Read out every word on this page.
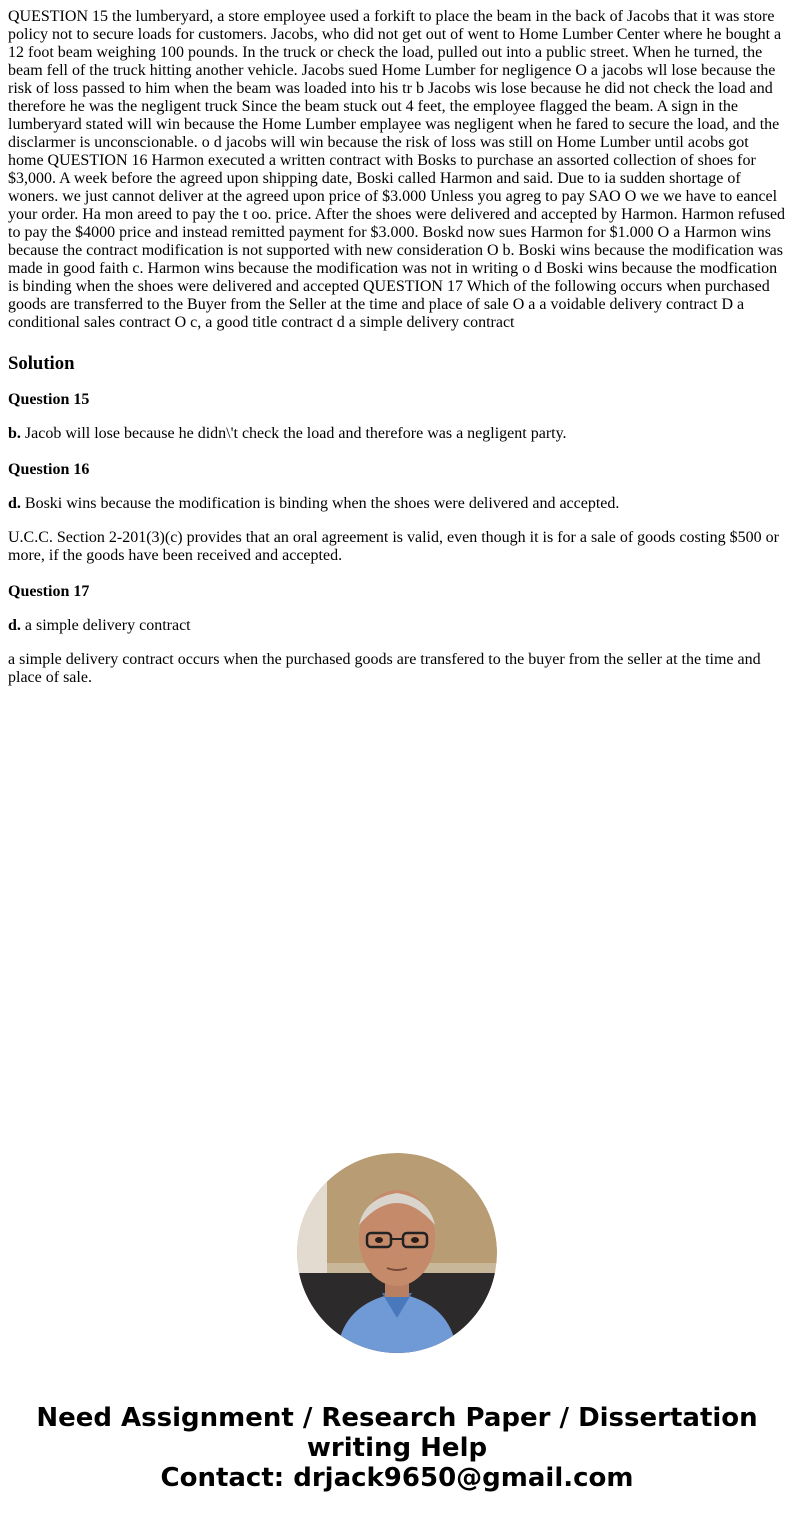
QUESTION 15 the lumberyard, a store employee used a forkift to place the beam in the back of Jacobs that it was store policy not to secure loads for customers. Jacobs, who did not get out of went to Home Lumber Center where he bought a 12 foot beam weighing 100 pounds. In the truck or check the load, pulled out into a public street. When he turned, the beam fell of the truck hitting another vehicle. Jacobs sued Home Lumber for negligence O a jacobs wll lose because the risk of loss passed to him when the beam was loaded into his tr b Jacobs wis lose because he did not check the load and therefore he was the negligent truck Since the beam stuck out 4 feet, the employee flagged the beam. A sign in the lumberyard stated will win because the Home Lumber emplayee was negligent when he fared to secure the load, and the disclarmer is unconscionable. o d jacobs will win because the risk of loss was still on Home Lumber until acobs got home QUESTION 16 Harmon executed a written contract with Bosks to purchase an assorted collection of shoes for $3,000. A week before the agreed upon shipping date, Boski called Harmon and said. Due to ia sudden shortage of woners. we just cannot deliver at the agreed upon price of $3.000 Unless you agreg to pay SAO O we we have to eancel your order. Ha mon areed to pay the t oo. price. After the shoes were delivered and accepted by Harmon. Harmon refused to pay the $4000 price and instead remitted payment for $3.000. Boskd now sues Harmon for $1.000 O a Harmon wins because the contract modification is not supported with new consideration O b. Boski wins because the modification was made in good faith c. Harmon wins because the modification was not in writing o d Boski wins because the modfication is binding when the shoes were delivered and accepted QUESTION 17 Which of the following occurs when purchased goods are transferred to the Buyer from the Seller at the time and place of sale O a a voidable delivery contract D a conditional sales contract O c, a good title contract d a simple delivery contract

Solution

Question 15

b. Jacob will lose because he didn\'t check the load and therefore was a negligent party.

Question 16

d. Boski wins because the modification is binding when the shoes were delivered and accepted.

U.C.C. Section 2-201(3)(c) provides that an oral agreement is valid, even though it is for a sale of goods costing $500 or more, if the goods have been received and accepted.

Question 17

d. a simple delivery contract

a simple delivery contract occurs when the purchased goods are transfered to the buyer from the seller at the time and place of sale.

Need Assignment / Research Paper / Dissertation writing Help
Contact: drjack9650@gmail.com
